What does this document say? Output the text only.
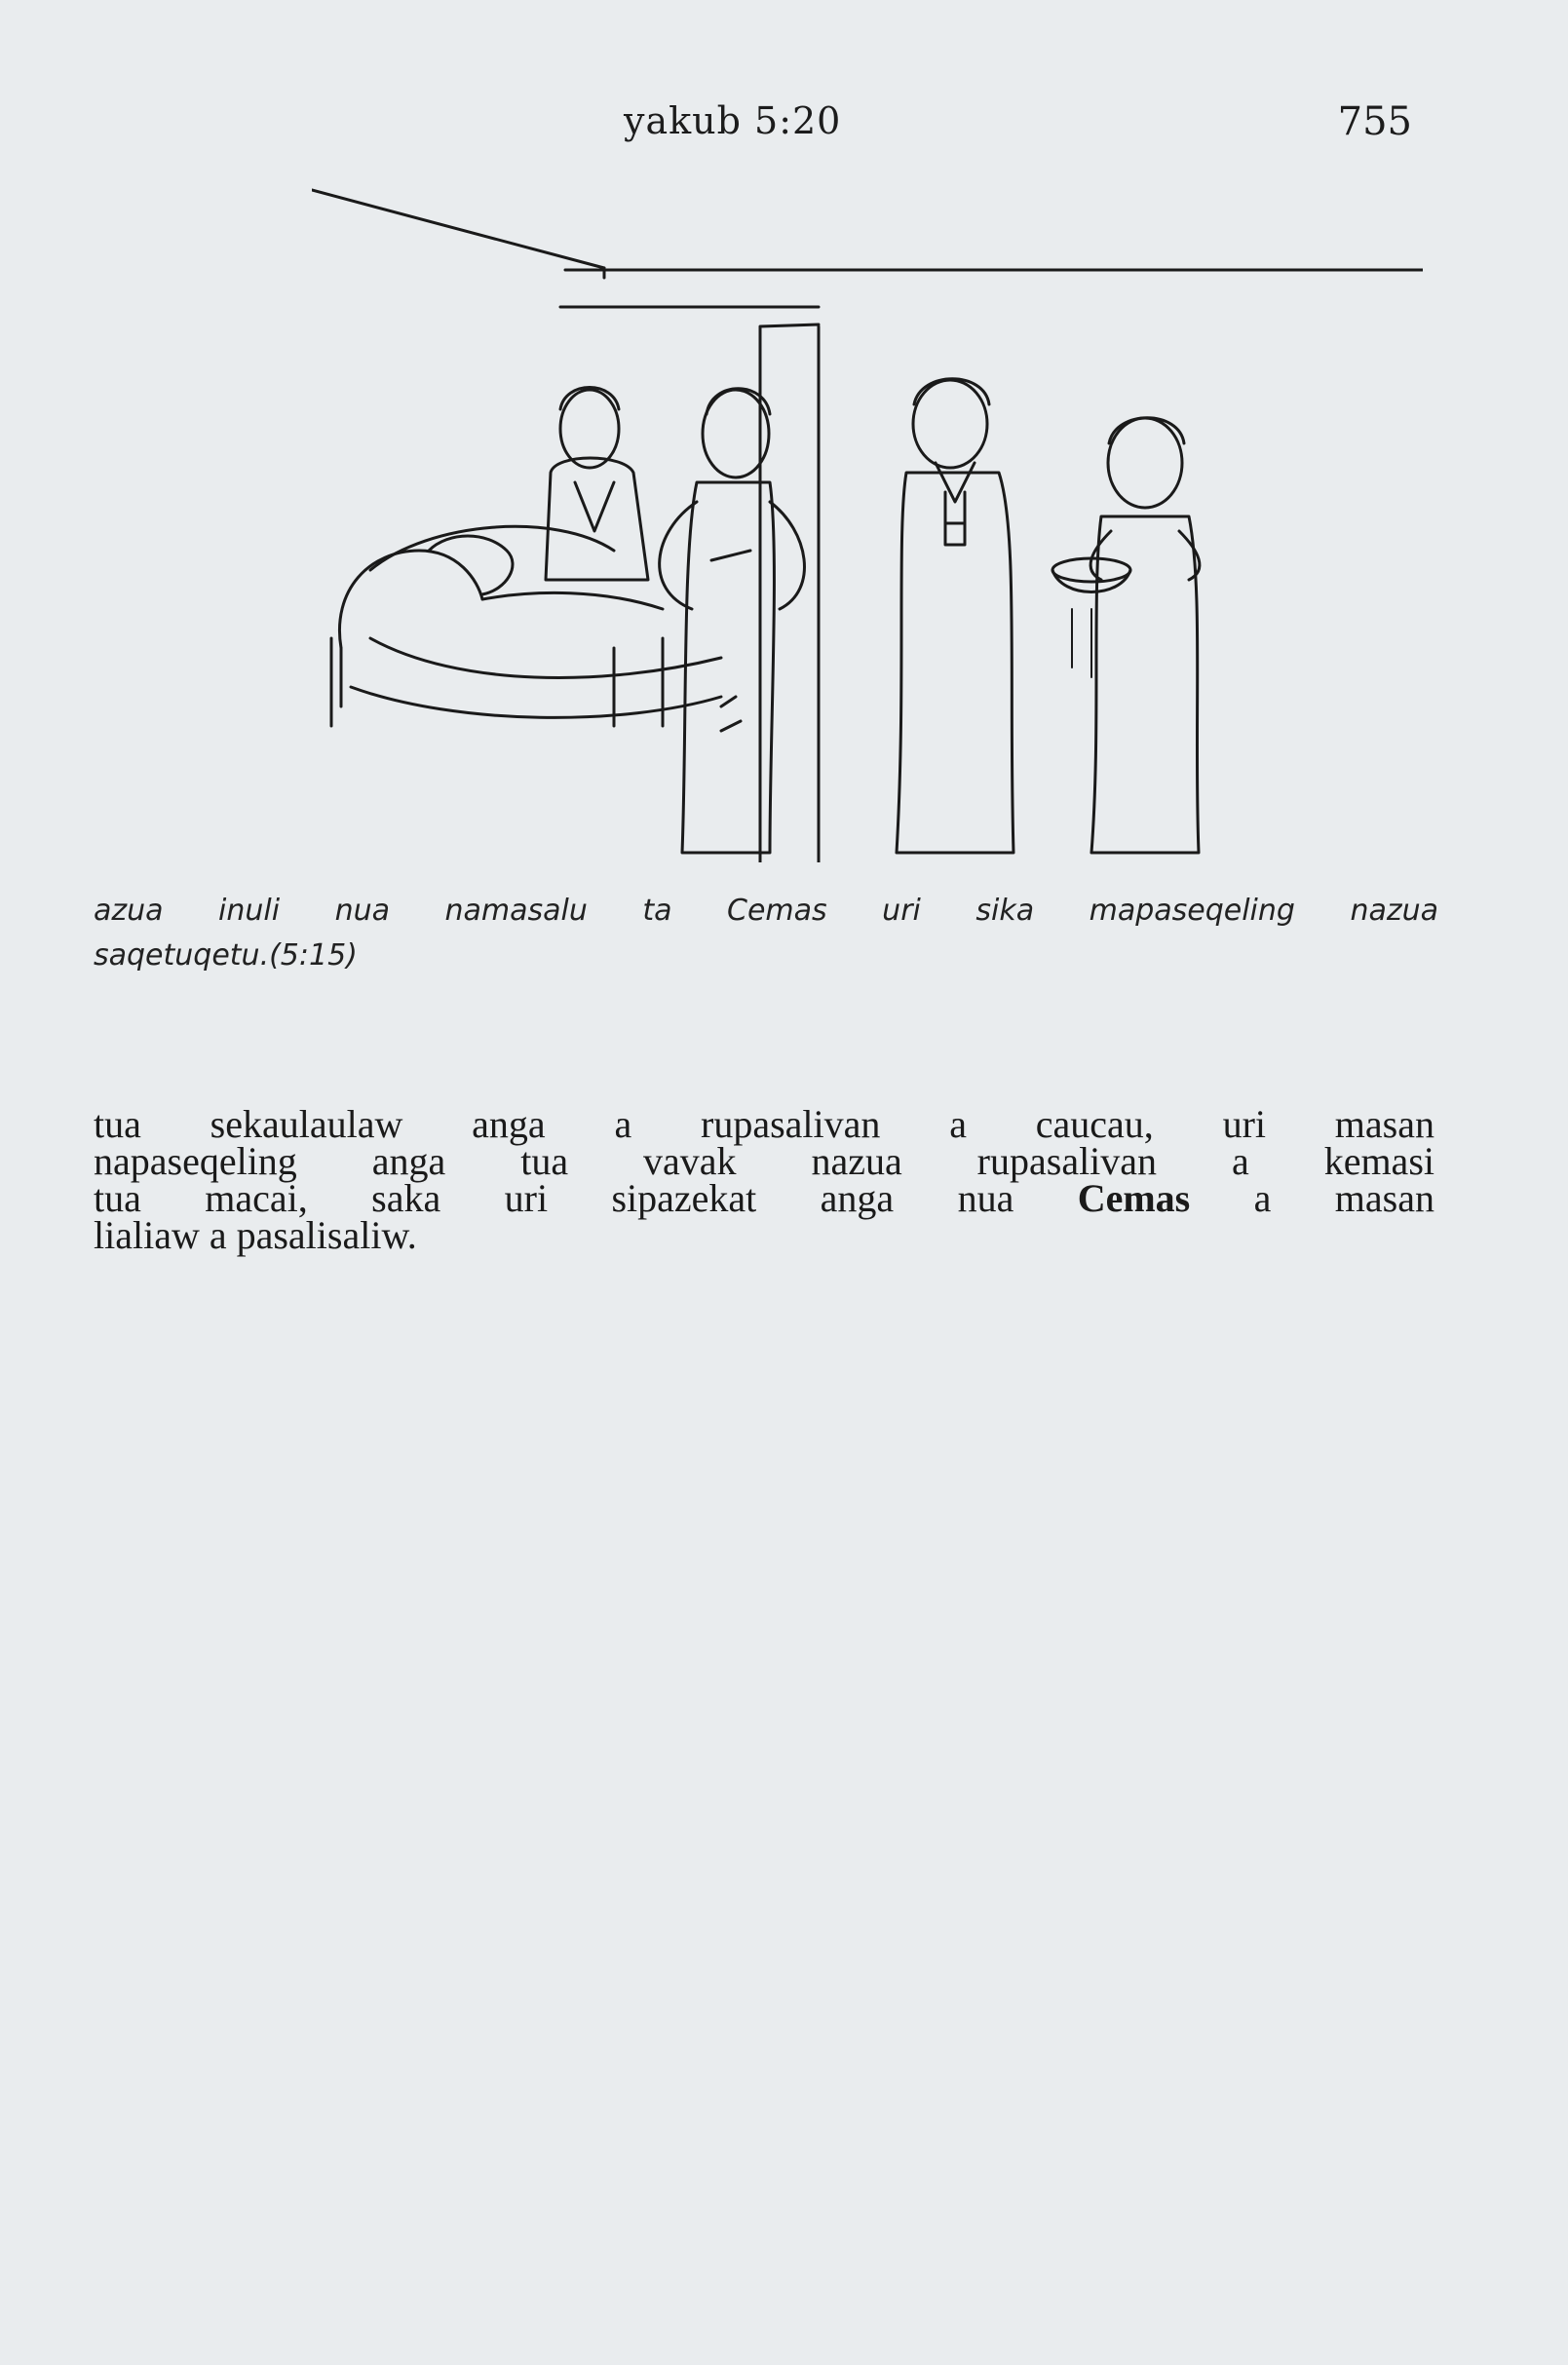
yakub 5:20	755
azua inuli nua namasalu ta Cemas uri sika mapaseqeling nazua
saqetuqetu.(5:15)
tua sekaulaulaw anga a rupasalivan a caucau, uri masan
napaseqeling anga tua vavak nazua rupasalivan a kemasi
tua macai, saka uri sipazekat anga nua Cemas a masan
lialiaw a pasalisaliw.
